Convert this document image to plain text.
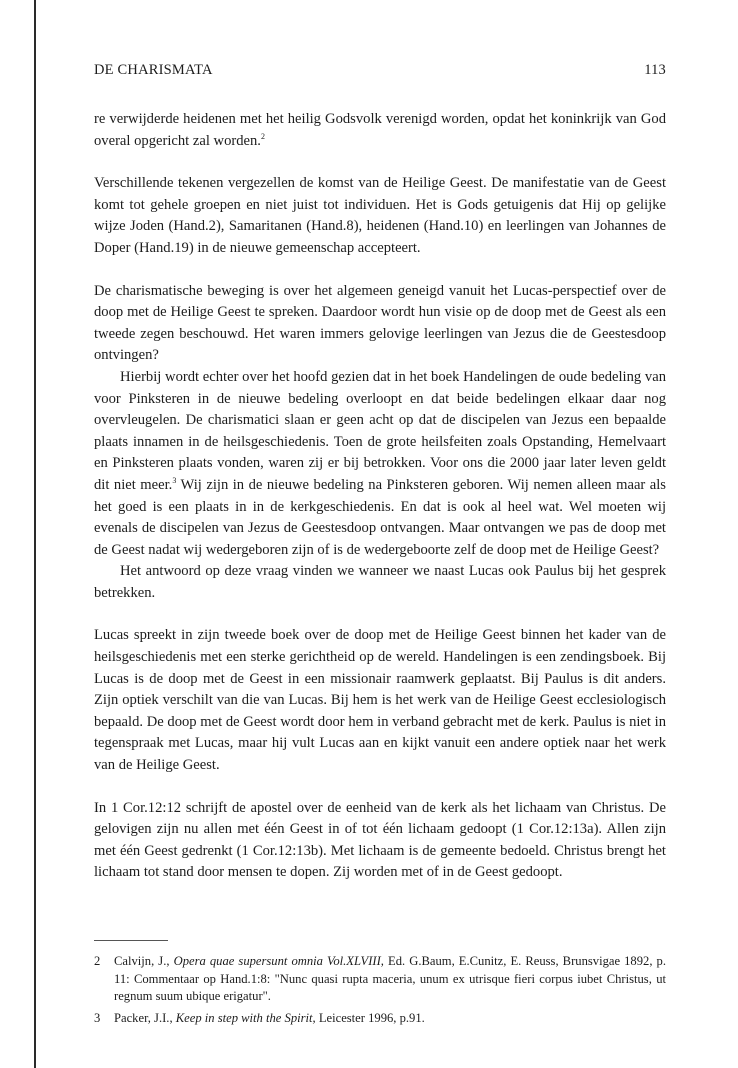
DE CHARISMATA	113

re verwijderde heidenen met het heilig Godsvolk verenigd worden, opdat het koninkrijk van God overal opgericht zal worden.$^2$

Verschillende tekenen vergezellen de komst van de Heilige Geest. De manifestatie van de Geest komt tot gehele groepen en niet juist tot individuen. Het is Gods getuigenis dat Hij op gelijke wijze Joden (Hand.2), Samaritanen (Hand.8), heidenen (Hand.10) en leerlingen van Johannes de Doper (Hand.19) in de nieuwe gemeenschap accepteert.

De charismatische beweging is over het algemeen geneigd vanuit het Lucas-perspectief over de doop met de Heilige Geest te spreken. Daardoor wordt hun visie op de doop met de Geest als een tweede zegen beschouwd. Het waren immers gelovige leerlingen van Jezus die de Geestesdoop ontvingen?

Hierbij wordt echter over het hoofd gezien dat in het boek Handelingen de oude bedeling van voor Pinksteren in de nieuwe bedeling overloopt en dat beide bedelingen elkaar daar nog overvleugelen. De charismatici slaan er geen acht op dat de discipelen van Jezus een bepaalde plaats innamen in de heilsgeschiedenis. Toen de grote heilsfeiten zoals Opstanding, Hemelvaart en Pinksteren plaats vonden, waren zij er bij betrokken. Voor ons die 2000 jaar later leven geldt dit niet meer.$^3$ Wij zijn in de nieuwe bedeling na Pinksteren geboren. Wij nemen alleen maar als het goed is een plaats in in de kerkgeschiedenis. En dat is ook al heel wat. Wel moeten wij evenals de discipelen van Jezus de Geestesdoop ontvangen. Maar ontvangen we pas de doop met de Geest nadat wij wedergeboren zijn of is de wedergeboorte zelf de doop met de Heilige Geest?

Het antwoord op deze vraag vinden we wanneer we naast Lucas ook Paulus bij het gesprek betrekken.

Lucas spreekt in zijn tweede boek over de doop met de Heilige Geest binnen het kader van de heilsgeschiedenis met een sterke gerichtheid op de wereld. Handelingen is een zendingsboek. Bij Lucas is de doop met de Geest in een missionair raamwerk geplaatst. Bij Paulus is dit anders. Zijn optiek verschilt van die van Lucas. Bij hem is het werk van de Heilige Geest ecclesiologisch bepaald. De doop met de Geest wordt door hem in verband gebracht met de kerk. Paulus is niet in tegenspraak met Lucas, maar hij vult Lucas aan en kijkt vanuit een andere optiek naar het werk van de Heilige Geest.

In 1 Cor.12:12 schrijft de apostel over de eenheid van de kerk als het lichaam van Christus. De gelovigen zijn nu allen met één Geest in of tot één lichaam gedoopt (1 Cor.12:13a). Allen zijn met één Geest gedrenkt (1 Cor.12:13b). Met lichaam is de gemeente bedoeld. Christus brengt het lichaam tot stand door mensen te dopen. Zij worden met of in de Geest gedoopt.

2	Calvijn, J., Opera quae supersunt omnia Vol.XLVIII, Ed. G.Baum, E.Cunitz, E. Reuss, Brunsvigae 1892, p. 11: Commentaar op Hand.1:8: "Nunc quasi rupta maceria, unum ex utrisque fieri corpus iubet Christus, ut regnum suum ubique erigatur".
3	Packer, J.I., Keep in step with the Spirit, Leicester 1996, p.91.
